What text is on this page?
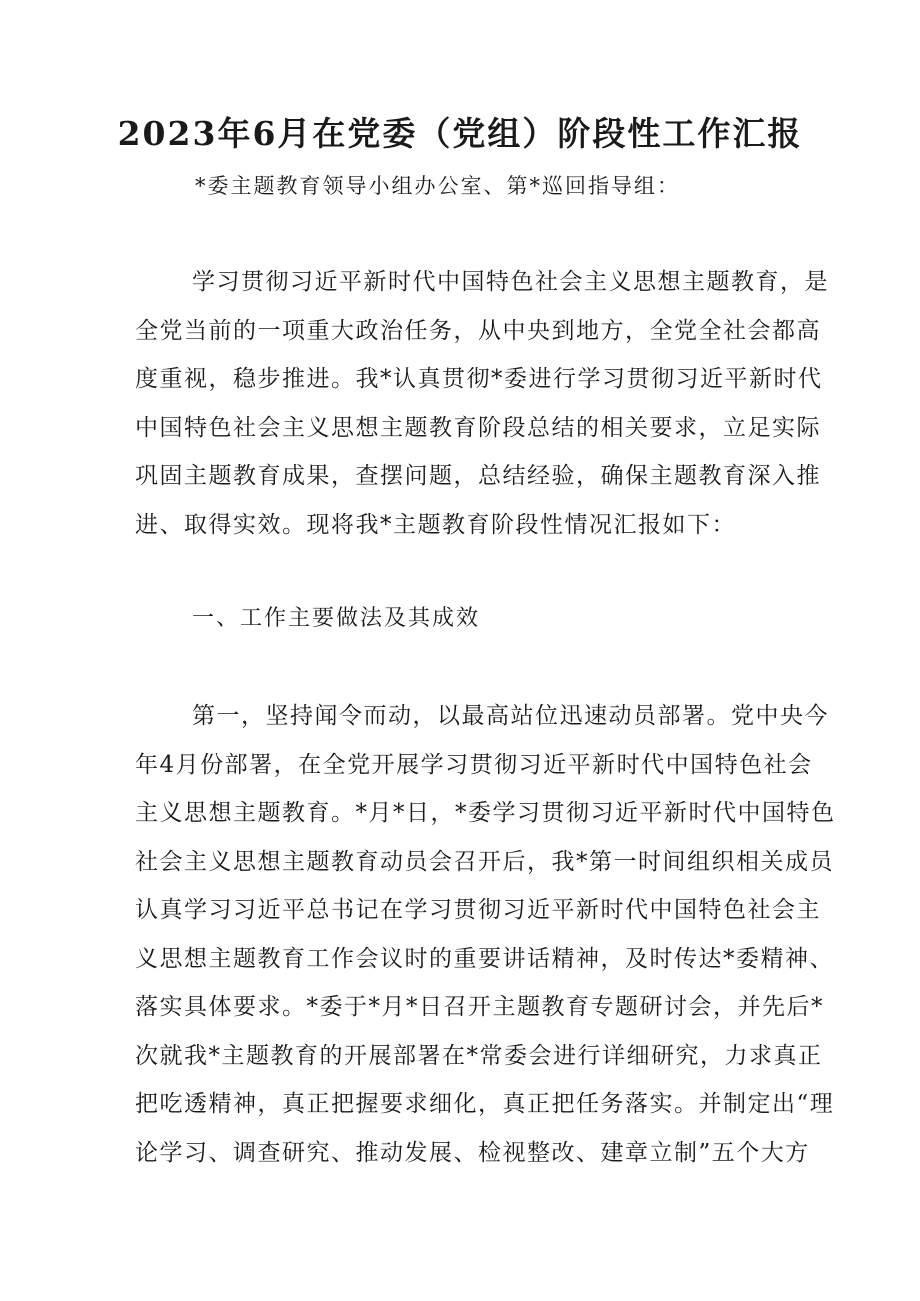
2023年6月在党委（党组）阶段性工作汇报

*委主题教育领导小组办公室、第*巡回指导组：

学习贯彻习近平新时代中国特色社会主义思想主题教育，是
全党当前的一项重大政治任务，从中央到地方，全党全社会都高
度重视，稳步推进。我*认真贯彻*委进行学习贯彻习近平新时代
中国特色社会主义思想主题教育阶段总结的相关要求，立足实际
巩固主题教育成果，查摆问题，总结经验，确保主题教育深入推
进、取得实效。现将我*主题教育阶段性情况汇报如下：

一、工作主要做法及其成效

第一，坚持闻令而动，以最高站位迅速动员部署。党中央今
年4月份部署，在全党开展学习贯彻习近平新时代中国特色社会
主义思想主题教育。*月*日，*委学习贯彻习近平新时代中国特色
社会主义思想主题教育动员会召开后，我*第一时间组织相关成员
认真学习习近平总书记在学习贯彻习近平新时代中国特色社会主
义思想主题教育工作会议时的重要讲话精神，及时传达*委精神、
落实具体要求。*委于*月*日召开主题教育专题研讨会，并先后*
次就我*主题教育的开展部署在*常委会进行详细研究，力求真正
把吃透精神，真正把握要求细化，真正把任务落实。并制定出“理
论学习、调查研究、推动发展、检视整改、建章立制”五个大方
